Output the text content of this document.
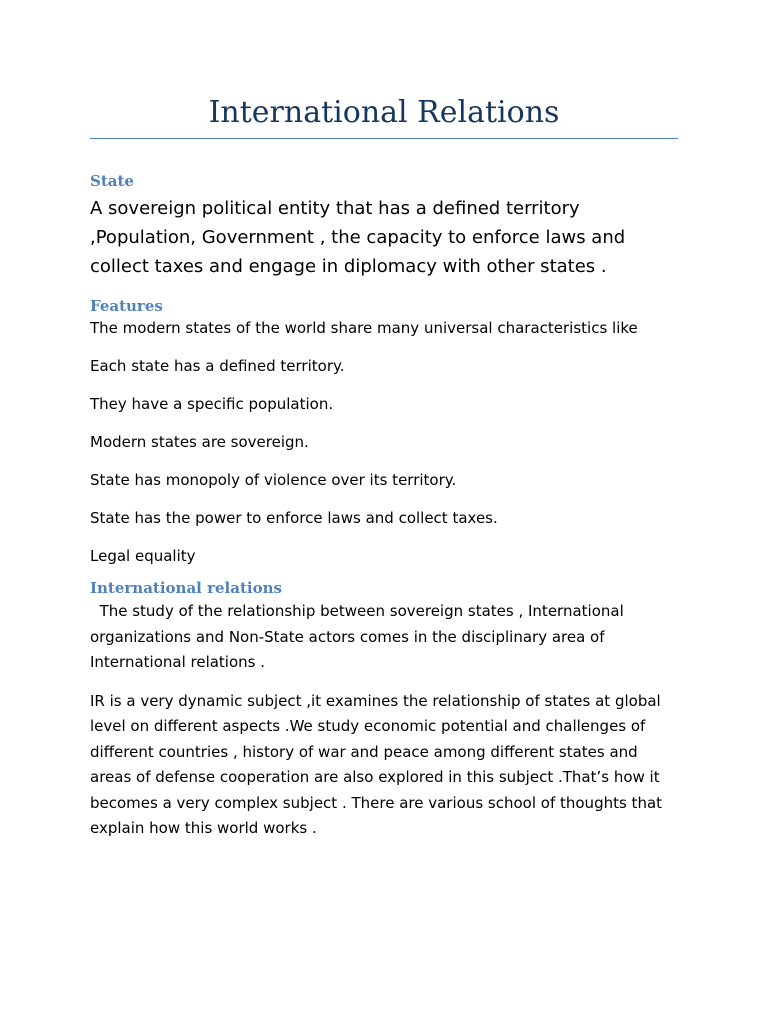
International Relations
State

A sovereign political entity that has a defined territory ,Population, Government , the capacity to enforce laws and collect taxes and engage in diplomacy with other states .

Features

The modern states of the world share many universal characteristics like

Each state has a defined territory.

They have a specific population.

Modern states are sovereign.

State has monopoly of violence over its territory.

State has the power to enforce laws and collect taxes.

Legal equality

International relations

The study of the relationship between sovereign states , International organizations and Non-State actors comes in the disciplinary area of International relations .

IR is a very dynamic subject ,it examines the relationship of states at global level on different aspects .We study economic potential and challenges of different countries , history of war and peace among different states and areas of defense cooperation are also explored in this subject .That’s how it becomes a very complex subject . There are various school of thoughts that explain how this world works .
